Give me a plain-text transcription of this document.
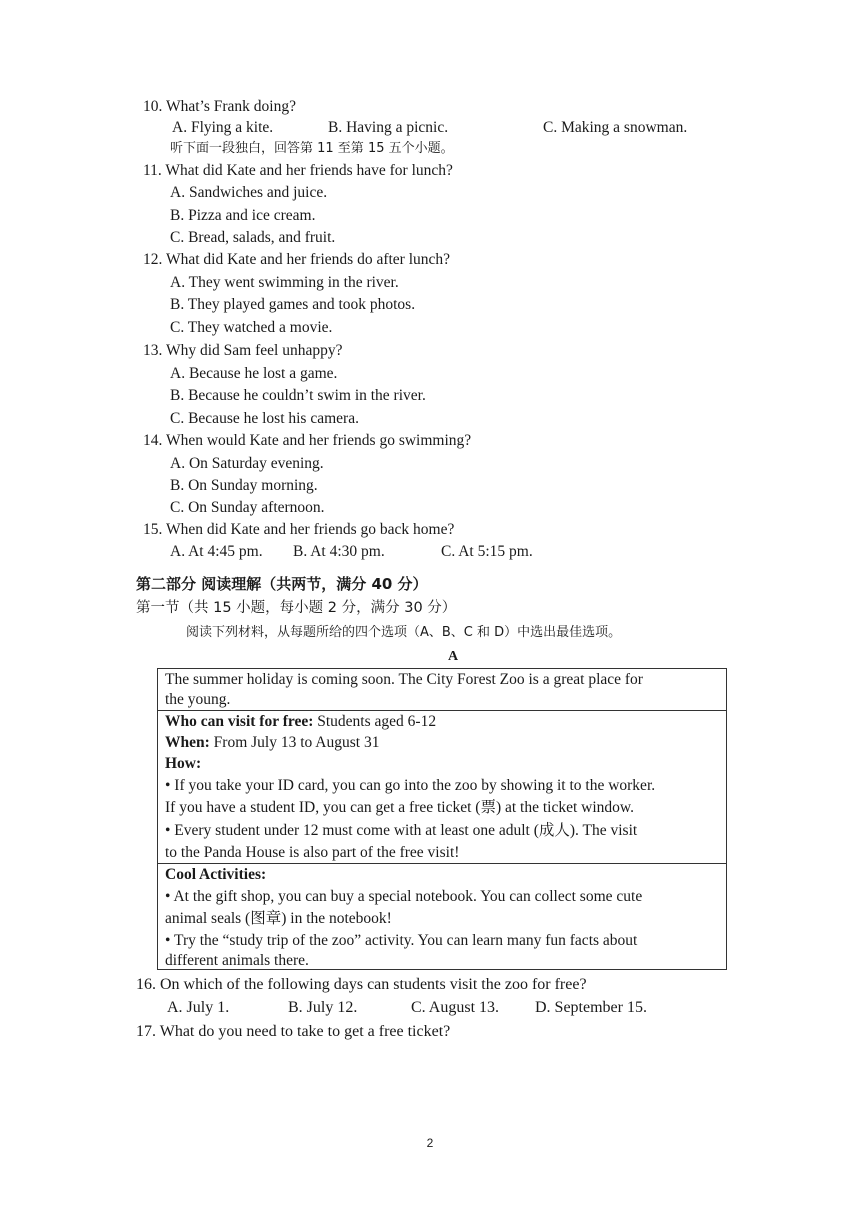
10. What’s Frank doing?
A. Flying a kite.	B. Having a picnic.	C. Making a snowman.
听下面一段独白，回答第 11 至第 15 五个小题。
11. What did Kate and her friends have for lunch?
A. Sandwiches and juice.
B. Pizza and ice cream.
C. Bread, salads, and fruit.
12. What did Kate and her friends do after lunch?
A. They went swimming in the river.
B. They played games and took photos.
C. They watched a movie.
13. Why did Sam feel unhappy?
A. Because he lost a game.
B. Because he couldn’t swim in the river.
C. Because he lost his camera.
14. When would Kate and her friends go swimming?
A. On Saturday evening.
B. On Sunday morning.
C. On Sunday afternoon.
15. When did Kate and her friends go back home?
A. At 4:45 pm. B. At 4:30 pm.	C. At 5:15 pm.
第二部分 阅读理解（共两节，满分 40 分）
第一节（共 15 小题，每小题 2 分，满分 30 分）
阅读下列材料，从每题所给的四个选项（A、B、C 和 D）中选出最佳选项。
A
The summer holiday is coming soon. The City Forest Zoo is a great place for
the young.
Who can visit for free: Students aged 6-12
When: From July 13 to August 31
How:
• If you take your ID card, you can go into the zoo by showing it to the worker.
If you have a student ID, you can get a free ticket (票) at the ticket window.
• Every student under 12 must come with at least one adult (成人). The visit
to the Panda House is also part of the free visit!
Cool Activities:
• At the gift shop, you can buy a special notebook. You can collect some cute
animal seals (图章) in the notebook!
• Try the “study trip of the zoo” activity. You can learn many fun facts about
different animals there.
16. On which of the following days can students visit the zoo for free?
A. July 1.	B. July 12.	C. August 13. D. September 15.
17. What do you need to take to get a free ticket?
2
